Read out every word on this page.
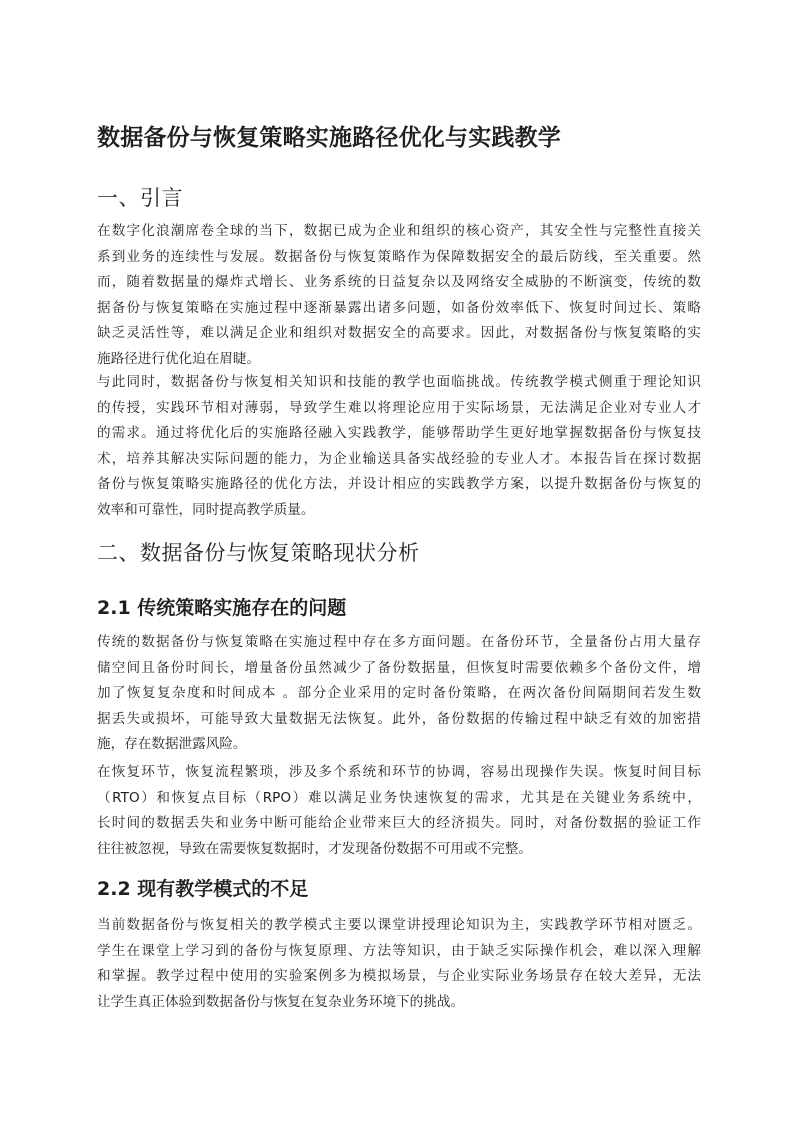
数据备份与恢复策略实施路径优化与实践教学
一、引言
在数字化浪潮席卷全球的当下，数据已成为企业和组织的核心资产，其安全性与完整性直接关
系到业务的连续性与发展。数据备份与恢复策略作为保障数据安全的最后防线，至关重要。然
而，随着数据量的爆炸式增长、业务系统的日益复杂以及网络安全威胁的不断演变，传统的数
据备份与恢复策略在实施过程中逐渐暴露出诸多问题，如备份效率低下、恢复时间过长、策略
缺乏灵活性等，难以满足企业和组织对数据安全的高要求。因此，对数据备份与恢复策略的实
施路径进行优化迫在眉睫。
与此同时，数据备份与恢复相关知识和技能的教学也面临挑战。传统教学模式侧重于理论知识
的传授，实践环节相对薄弱，导致学生难以将理论应用于实际场景，无法满足企业对专业人才
的需求。通过将优化后的实施路径融入实践教学，能够帮助学生更好地掌握数据备份与恢复技
术，培养其解决实际问题的能力，为企业输送具备实战经验的专业人才。本报告旨在探讨数据
备份与恢复策略实施路径的优化方法，并设计相应的实践教学方案，以提升数据备份与恢复的
效率和可靠性，同时提高教学质量。
二、数据备份与恢复策略现状分析
2.1 传统策略实施存在的问题
传统的数据备份与恢复策略在实施过程中存在多方面问题。在备份环节，全量备份占用大量存
储空间且备份时间长，增量备份虽然减少了备份数据量，但恢复时需要依赖多个备份文件，增
加了恢复复杂度和时间成本 。部分企业采用的定时备份策略，在两次备份间隔期间若发生数
据丢失或损坏，可能导致大量数据无法恢复。此外，备份数据的传输过程中缺乏有效的加密措
施，存在数据泄露风险。
在恢复环节，恢复流程繁琐，涉及多个系统和环节的协调，容易出现操作失误。恢复时间目标
（RTO）和恢复点目标（RPO）难以满足业务快速恢复的需求，尤其是在关键业务系统中，
长时间的数据丢失和业务中断可能给企业带来巨大的经济损失。同时，对备份数据的验证工作
往往被忽视，导致在需要恢复数据时，才发现备份数据不可用或不完整。
2.2 现有教学模式的不足
当前数据备份与恢复相关的教学模式主要以课堂讲授理论知识为主，实践教学环节相对匮乏。
学生在课堂上学习到的备份与恢复原理、方法等知识，由于缺乏实际操作机会，难以深入理解
和掌握。教学过程中使用的实验案例多为模拟场景，与企业实际业务场景存在较大差异，无法
让学生真正体验到数据备份与恢复在复杂业务环境下的挑战。
